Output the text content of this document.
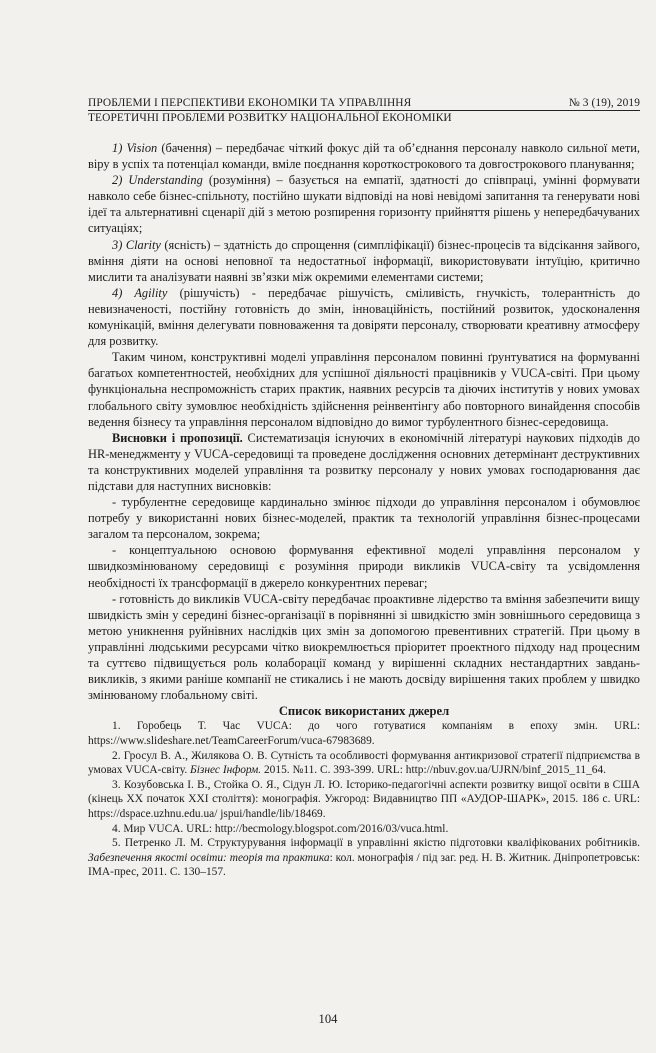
ПРОБЛЕМИ І ПЕРСПЕКТИВИ ЕКОНОМІКИ ТА УПРАВЛІННЯ	№ 3 (19), 2019
ТЕОРЕТИЧНІ ПРОБЛЕМИ РОЗВИТКУ НАЦІОНАЛЬНОЇ ЕКОНОМІКИ

1) Vision (бачення) – передбачає чіткий фокус дій та об’єднання персоналу навколо сильної мети, віру в успіх та потенціал команди, вміле поєднання короткострокового та довгострокового планування;

2) Understanding (розуміння) – базується на емпатії, здатності до співпраці, умінні формувати навколо себе бізнес-спільноту, постійно шукати відповіді на нові невідомі запитання та генерувати нові ідеї та альтернативні сценарії дій з метою розпирення горизонту прийняття рішень у непередбачуваних ситуаціях;

3) Clarity (ясність) – здатність до спрощення (симпліфікації) бізнес-процесів та відсікання зайвого, вміння діяти на основі неповної та недостатньої інформації, використовувати інтуїцію, критично мислити та аналізувати наявні зв’язки між окремими елементами системи;

4) Agility (рішучість) - передбачає рішучість, сміливість, гнучкість, толерантність до невизначеності, постійну готовність до змін, інноваційність, постійний розвиток, удосконалення комунікацій, вміння делегувати повноваження та довіряти персоналу, створювати креативну атмосферу для розвитку.

Таким чином, конструктивні моделі управління персоналом повинні ґрунтуватися на формуванні багатьох компетентностей, необхідних для успішної діяльності працівників у VUCA-світі. При цьому функціональна неспроможність старих практик, наявних ресурсів та діючих інститутів у нових умовах глобального світу зумовлює необхідність здійснення реінвентінгу або повторного винайдення способів ведення бізнесу та управління персоналом відповідно до вимог турбулентного бізнес-середовища.

Висновки і пропозиції. Систематизація існуючих в економічній літературі наукових підходів до HR-менеджменту у VUCA-середовищі та проведене дослідження основних детермінант деструктивних та конструктивних моделей управління та розвитку персоналу у нових умовах господарювання дає підстави для наступних висновків:

- турбулентне середовище кардинально змінює підходи до управління персоналом і обумовлює потребу у використанні нових бізнес-моделей, практик та технологій управління бізнес-процесами загалом та персоналом, зокрема;

- концептуальною основою формування ефективної моделі управління персоналом у швидкозмінюваному середовищі є розуміння природи викликів VUCA-світу та усвідомлення необхідності їх трансформації в джерело конкурентних переваг;

- готовність до викликів VUCA-світу передбачає проактивне лідерство та вміння забезпечити вищу швидкість змін у середині бізнес-організації в порівнянні зі швидкістю змін зовнішнього середовища з метою уникнення руйнівних наслідків цих змін за допомогою превентивних стратегій. При цьому в управлінні людськими ресурсами чітко виокремлюється пріоритет проектного підходу над процесним та суттєво підвищується роль колаборації команд у вирішенні складних нестандартних завдань-викликів, з якими раніше компанії не стикались і не мають досвіду вирішення таких проблем у швидко змінюваному глобальному світі.

Список використаних джерел

1. Горобець Т. Час VUCA: до чого готуватися компаніям в епоху змін. URL: https://www.slideshare.net/TeamCareerForum/vuca-67983689.

2. Гросул В. А., Жилякова О. В. Сутність та особливості формування антикризової стратегії підприємства в умовах VUCA-світу. Бізнес Інформ. 2015. №11. С. 393-399. URL: http://nbuv.gov.ua/UJRN/binf_2015_11_64.

3. Козубовська І. В., Стойка О. Я., Сідун Л. Ю. Історико-педагогічні аспекти розвитку вищої освіти в США (кінець XX початок XXI століття): монографія. Ужгород: Видавництво ПП «АУДОР-ШАРК», 2015. 186 с. URL: https://dspace.uzhnu.edu.ua/ jspui/handle/lib/18469.

4. Мир VUCA. URL: http://becmology.blogspot.com/2016/03/vuca.html.

5. Петренко Л. М. Структурування інформації в управлінні якістю підготовки кваліфікованих робітників. Забезпечення якості освіти: теорія та практика: кол. монографія / під заг. ред. Н. В. Житник. Дніпропетровськ: ІМА-прес, 2011. С. 130–157.

104
